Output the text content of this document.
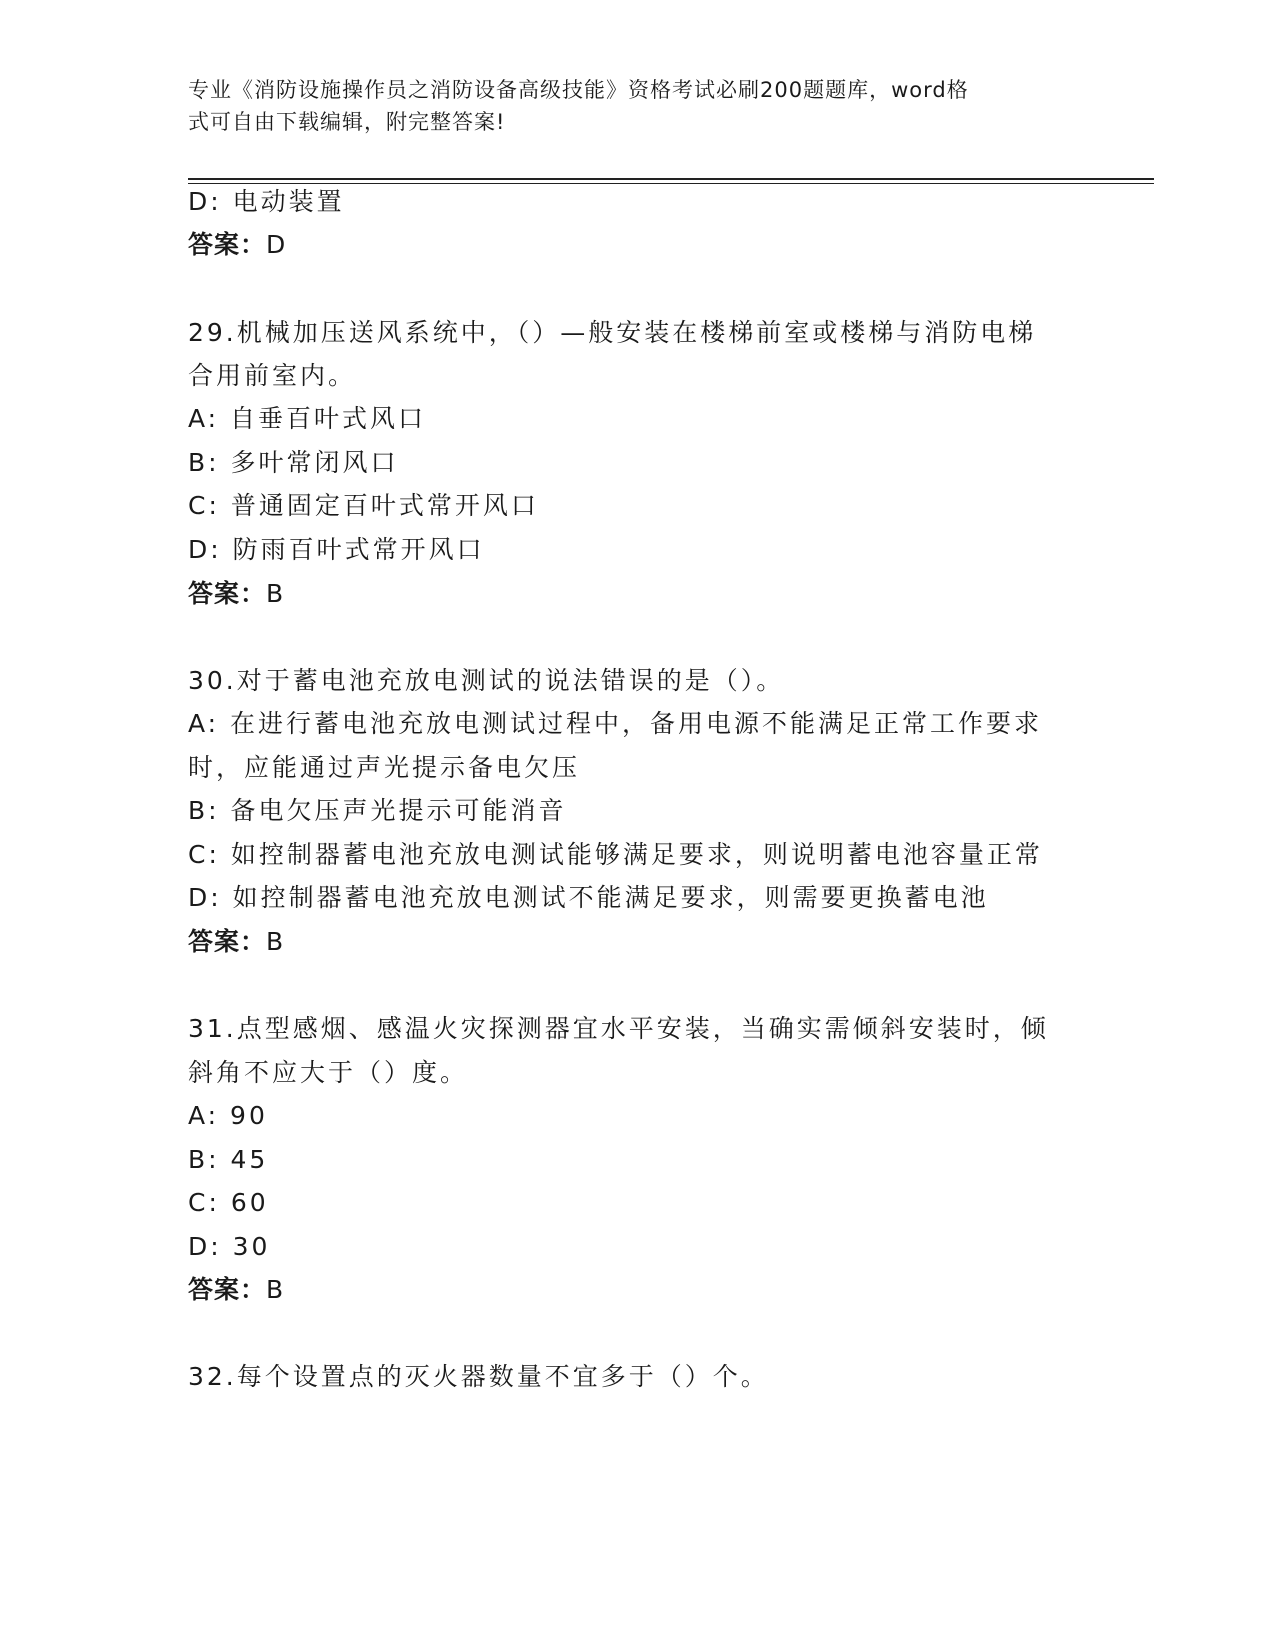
专业《消防设施操作员之消防设备高级技能》资格考试必刷200题题库，word格
式可自由下载编辑，附完整答案!
D: 电动装置
答案：D
29.机械加压送风系统中，（）—般安装在楼梯前室或楼梯与消防电梯
合用前室内。
A: 自垂百叶式风口
B: 多叶常闭风口
C: 普通固定百叶式常开风口
D: 防雨百叶式常开风口
答案：B
30.对于蓄电池充放电测试的说法错误的是（）。
A: 在进行蓄电池充放电测试过程中，备用电源不能满足正常工作要求
时，应能通过声光提示备电欠压
B: 备电欠压声光提示可能消音
C: 如控制器蓄电池充放电测试能够满足要求，则说明蓄电池容量正常
D: 如控制器蓄电池充放电测试不能满足要求，则需要更换蓄电池
答案：B
31.点型感烟、感温火灾探测器宜水平安装，当确实需倾斜安装时，倾
斜角不应大于（）度。
A: 90
B: 45
C: 60
D: 30
答案：B
32.每个设置点的灭火器数量不宜多于（）个。
